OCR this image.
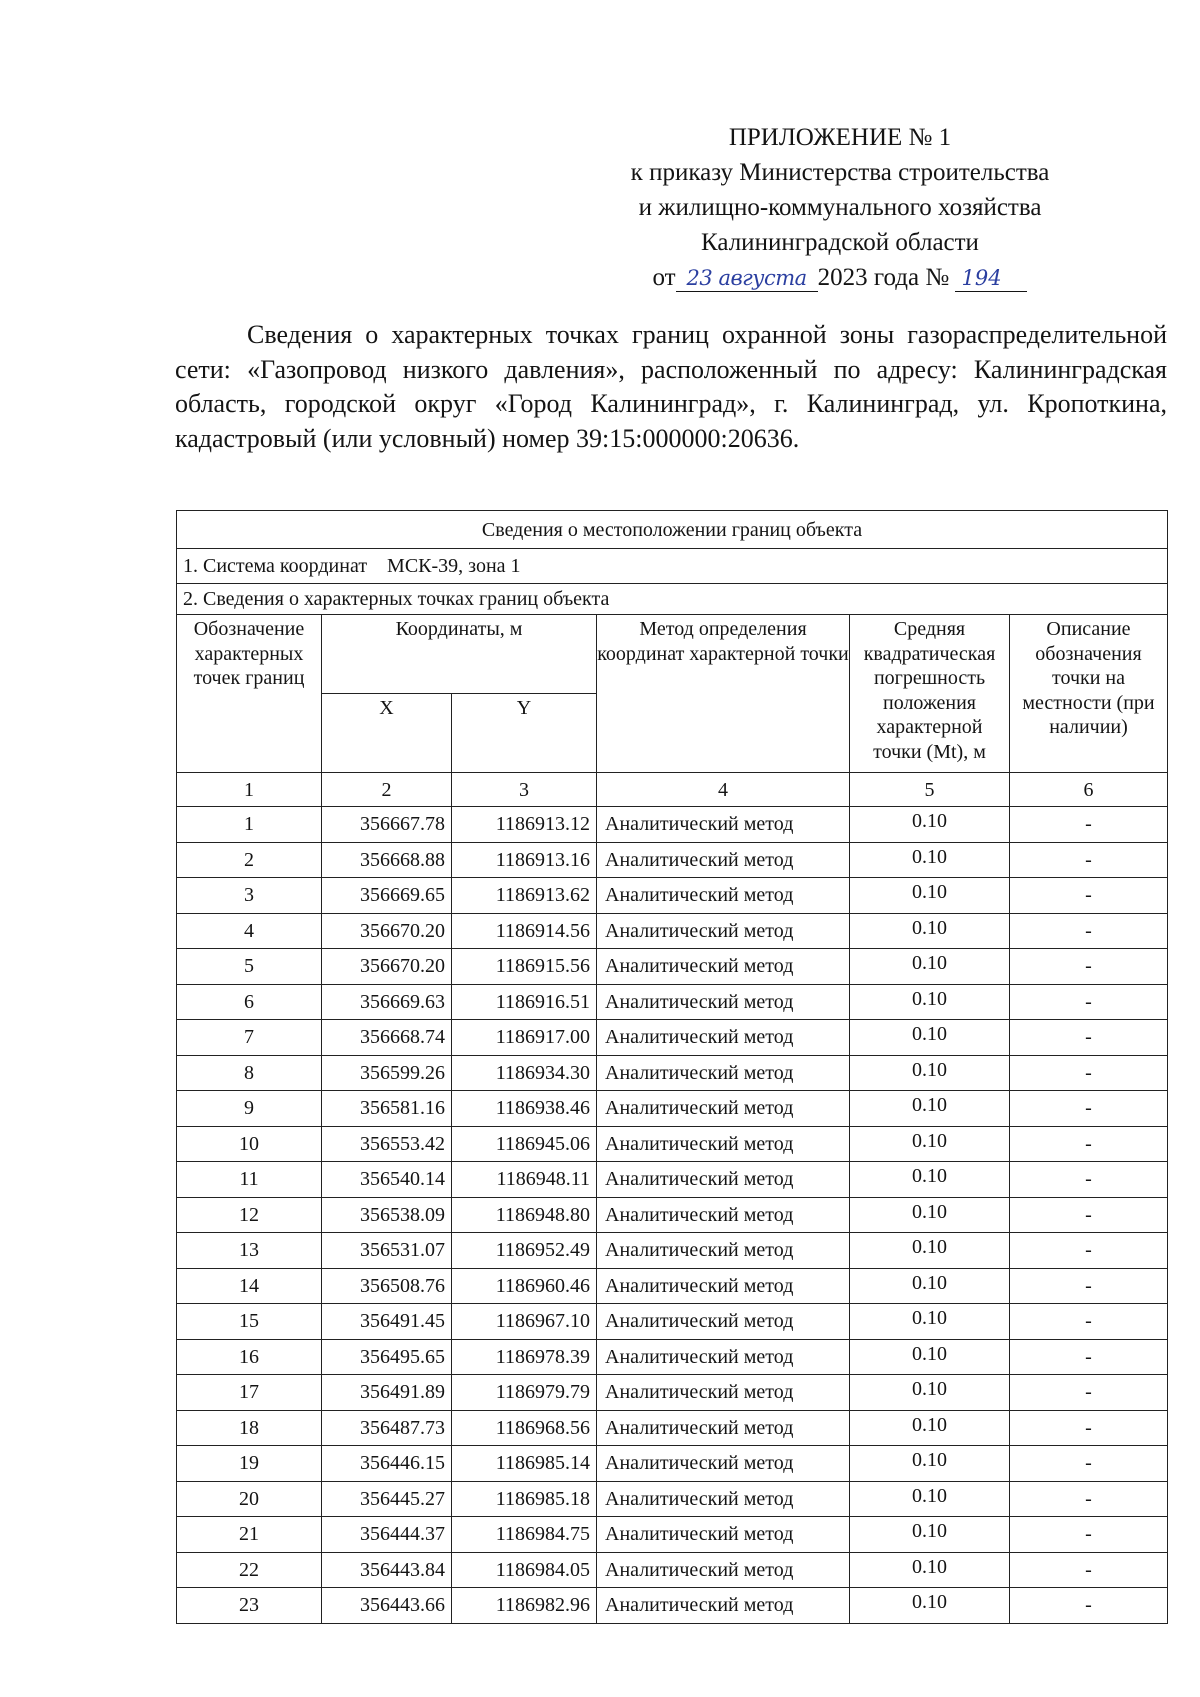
ПРИЛОЖЕНИЕ № 1
к приказу Министерства строительства
и жилищно-коммунального хозяйства
Калининградской области
от 23 августа 2023 года № 194
Сведения о характерных точках границ охранной зоны газораспределительной сети: «Газопровод низкого давления», расположенный по адресу: Калининградская область, городской округ «Город Калининград», г. Калининград, ул. Кропоткина, кадастровый (или условный) номер 39:15:000000:20636.
Сведения о местоположении границ объекта					
1. Система координат    МСК-39, зона 1					
2. Сведения о характерных точках границ объекта					
Обозначение характерных точек границ	Координаты, м		Метод определения координат характерной точки	Средняя квадратическая погрешность положения характерной точки (Mt), м	Описание обозначения точки на местности (при наличии)
	X	Y			
1	2	3	4	5	6
1	356667.78	1186913.12	Аналитический метод	0.10	-
2	356668.88	1186913.16	Аналитический метод	0.10	-
3	356669.65	1186913.62	Аналитический метод	0.10	-
4	356670.20	1186914.56	Аналитический метод	0.10	-
5	356670.20	1186915.56	Аналитический метод	0.10	-
6	356669.63	1186916.51	Аналитический метод	0.10	-
7	356668.74	1186917.00	Аналитический метод	0.10	-
8	356599.26	1186934.30	Аналитический метод	0.10	-
9	356581.16	1186938.46	Аналитический метод	0.10	-
10	356553.42	1186945.06	Аналитический метод	0.10	-
11	356540.14	1186948.11	Аналитический метод	0.10	-
12	356538.09	1186948.80	Аналитический метод	0.10	-
13	356531.07	1186952.49	Аналитический метод	0.10	-
14	356508.76	1186960.46	Аналитический метод	0.10	-
15	356491.45	1186967.10	Аналитический метод	0.10	-
16	356495.65	1186978.39	Аналитический метод	0.10	-
17	356491.89	1186979.79	Аналитический метод	0.10	-
18	356487.73	1186968.56	Аналитический метод	0.10	-
19	356446.15	1186985.14	Аналитический метод	0.10	-
20	356445.27	1186985.18	Аналитический метод	0.10	-
21	356444.37	1186984.75	Аналитический метод	0.10	-
22	356443.84	1186984.05	Аналитический метод	0.10	-
23	356443.66	1186982.96	Аналитический метод	0.10	-
